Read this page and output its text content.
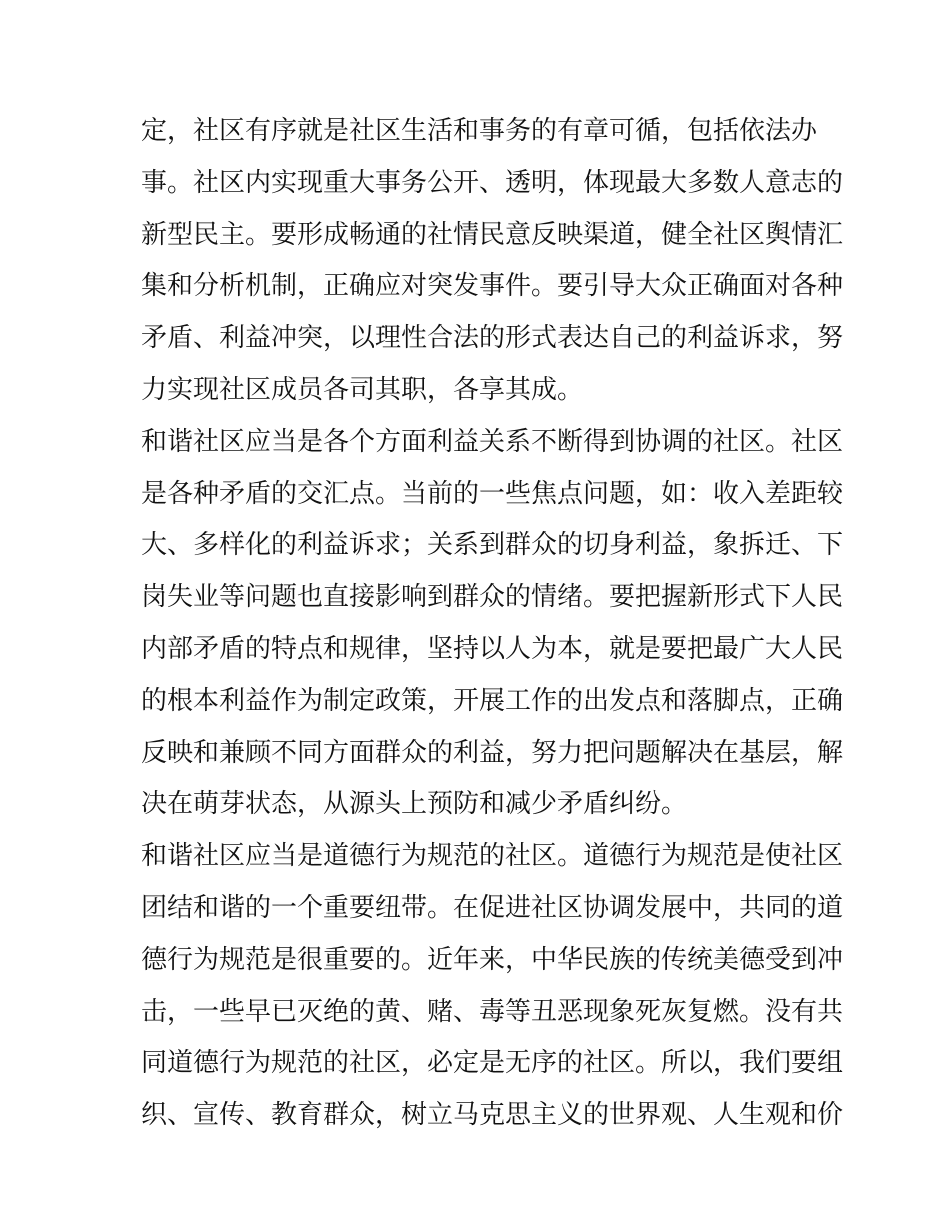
定，社区有序就是社区生活和事务的有章可循，包括依法办
事。社区内实现重大事务公开、透明，体现最大多数人意志的
新型民主。要形成畅通的社情民意反映渠道，健全社区舆情汇
集和分析机制，正确应对突发事件。要引导大众正确面对各种
矛盾、利益冲突，以理性合法的形式表达自己的利益诉求，努
力实现社区成员各司其职，各享其成。
和谐社区应当是各个方面利益关系不断得到协调的社区。社区
是各种矛盾的交汇点。当前的一些焦点问题，如：收入差距较
大、多样化的利益诉求；关系到群众的切身利益，象拆迁、下
岗失业等问题也直接影响到群众的情绪。要把握新形式下人民
内部矛盾的特点和规律，坚持以人为本，就是要把最广大人民
的根本利益作为制定政策，开展工作的出发点和落脚点，正确
反映和兼顾不同方面群众的利益，努力把问题解决在基层，解
决在萌芽状态，从源头上预防和减少矛盾纠纷。
和谐社区应当是道德行为规范的社区。道德行为规范是使社区
团结和谐的一个重要纽带。在促进社区协调发展中，共同的道
德行为规范是很重要的。近年来，中华民族的传统美德受到冲
击，一些早已灭绝的黄、赌、毒等丑恶现象死灰复燃。没有共
同道德行为规范的社区，必定是无序的社区。所以，我们要组
织、宣传、教育群众，树立马克思主义的世界观、人生观和价
